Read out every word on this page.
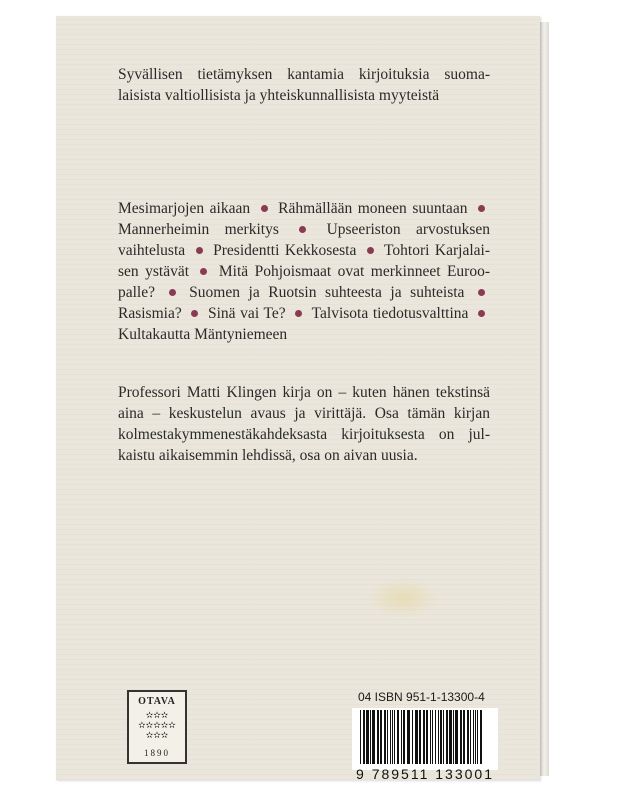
Syvällisen tietämyksen kantamia kirjoituksia suoma-
laisista valtiollisista ja yhteiskunnallisista myyteistä
Mesimarjojen aikaan Rähmällään moneen suuntaan
Mannerheimin merkitys	Upseeriston arvostuksen
vaihtelusta Presidentti Kekkosesta Tohtori Karjalai-
sen ystävät Mitä Pohjoismaat ovat merkinneet Euroo-
palle? Suomen ja Ruotsin suhteesta ja suhteista
Rasismia? Sinä vai Te? Talvisota tiedotusvalttina
Kultakautta Mäntyniemeen
Professori Matti Klingen kirja on – kuten hänen tekstinsä
aina – keskustelun avaus ja virittäjä. Osa tämän kirjan
kolmestakymmenestäkahdeksasta kirjoituksesta on jul-
kaistu aikaisemmin lehdissä, osa on aivan uusia.
OTAVA
✫✫✫
✫✫✫✫✫
✫✫✫
1890
04 ISBN 951-1-13300-4
9 789511 133001
